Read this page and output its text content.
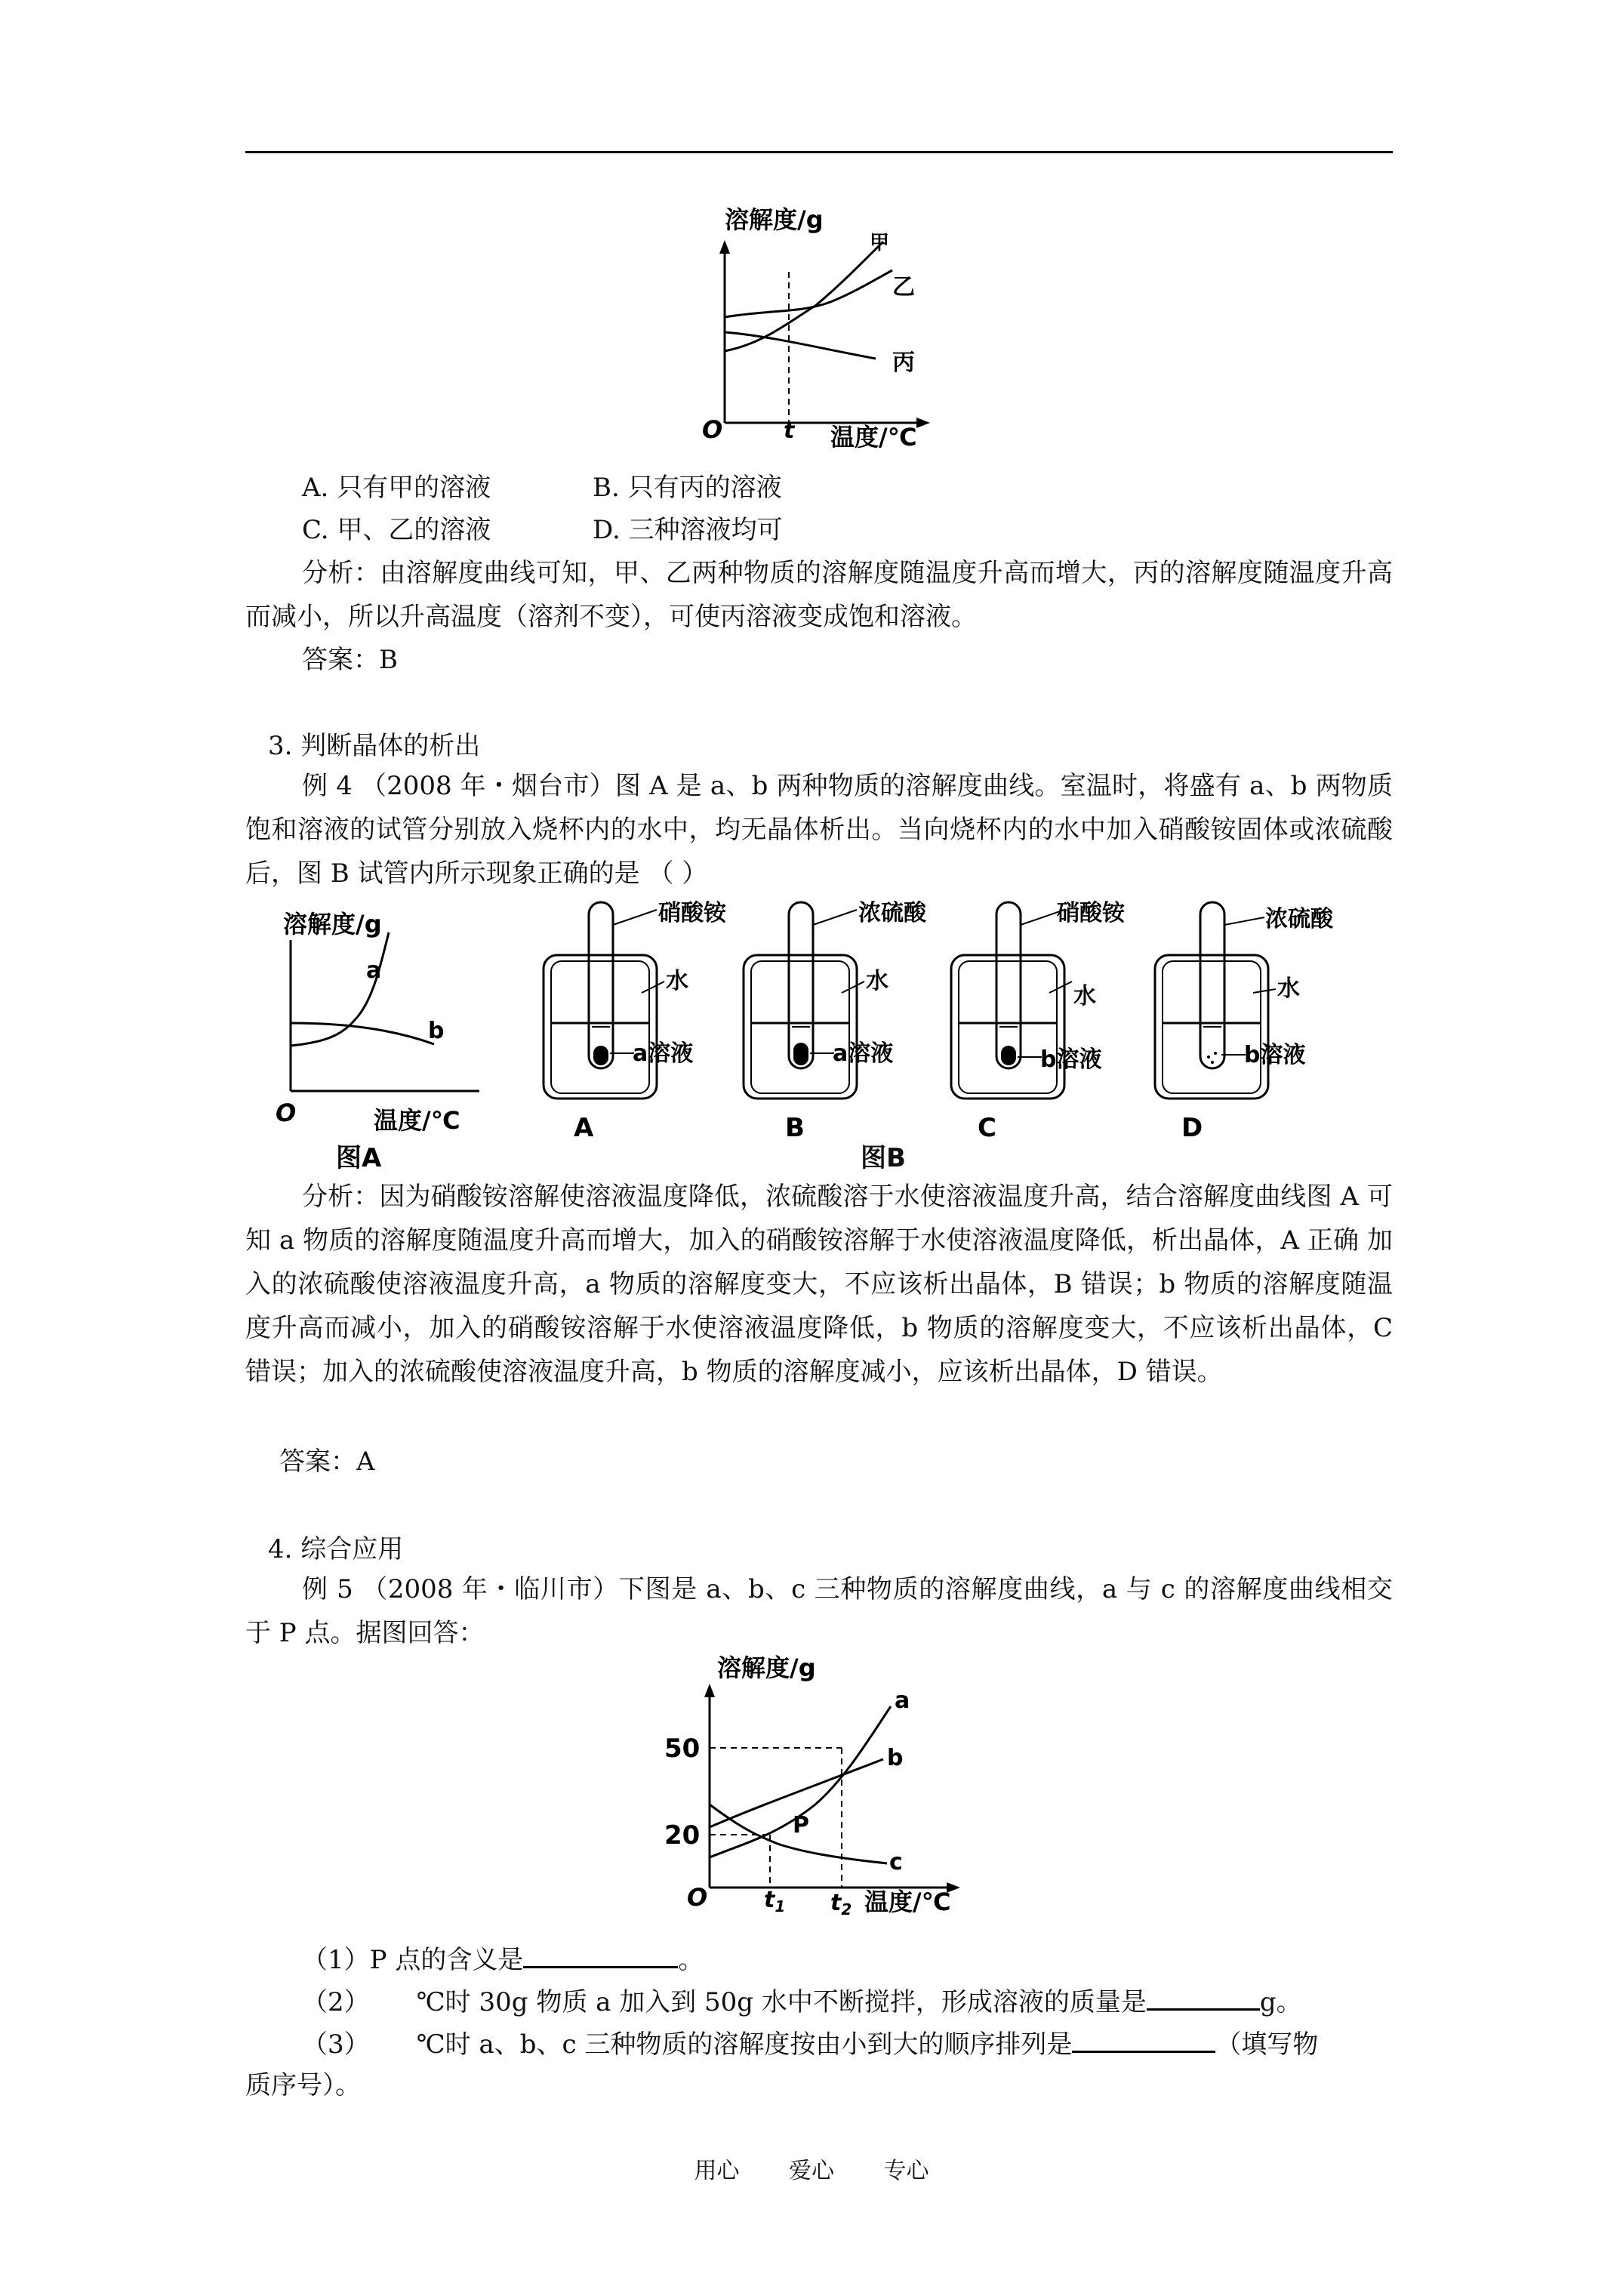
溶解度/g
甲
乙
丙
O	t 温度/℃
A. 只有甲的溶液	B. 只有丙的溶液
C. 甲、乙的溶液	D. 三种溶液均可
分析：由溶解度曲线可知，甲、乙两种物质的溶解度随温度升高而增大，丙的溶解度随温度升高而减小，所以升高温度（溶剂不变），可使丙溶液变成饱和溶液。
答案：B
3. 判断晶体的析出
例 4 （2008 年・烟台市）图 A 是 a、b 两种物质的溶解度曲线。室温时，将盛有 a、b 两物质饱和溶液的试管分别放入烧杯内的水中，均无晶体析出。当向烧杯内的水中加入硝酸铵固体或浓硫酸后，图 B 试管内所示现象正确的是 （ ）
溶解度/g
a
b
O	温度/℃
图A
硝酸铵
水
a溶液
A
浓硫酸
水
a溶液
B
硝酸铵
水
b溶液
C
浓硫酸
水
b溶液
D
图B
分析：因为硝酸铵溶解使溶液温度降低，浓硫酸溶于水使溶液温度升高，结合溶解度曲线图 A 可知 a 物质的溶解度随温度升高而增大，加入的硝酸铵溶解于水使溶液温度降低，析出晶体，A 正确 加入的浓硫酸使溶液温度升高，a 物质的溶解度变大，不应该析出晶体，B 错误；b 物质的溶解度随温度升高而减小，加入的硝酸铵溶解于水使溶液温度降低，b 物质的溶解度变大，不应该析出晶体，C 错误；加入的浓硫酸使溶液温度升高，b 物质的溶解度减小，应该析出晶体，D 错误。
答案：A
4. 综合应用
例 5 （2008 年・临川市）下图是 a、b、c 三种物质的溶解度曲线，a 与 c 的溶解度曲线相交于 P 点。据图回答：
溶解度/g
50
20	P
a
b
c
O $t_1$ $t_2$ 温度/℃
（1）P 点的含义是	。
（2） ℃时 30g 物质 a 加入到 50g 水中不断搅拌，形成溶液的质量是	g。
（3） ℃时 a、b、c 三种物质的溶解度按由小到大的顺序排列是	（填写物
质序号）。
用心 爱心 专心
